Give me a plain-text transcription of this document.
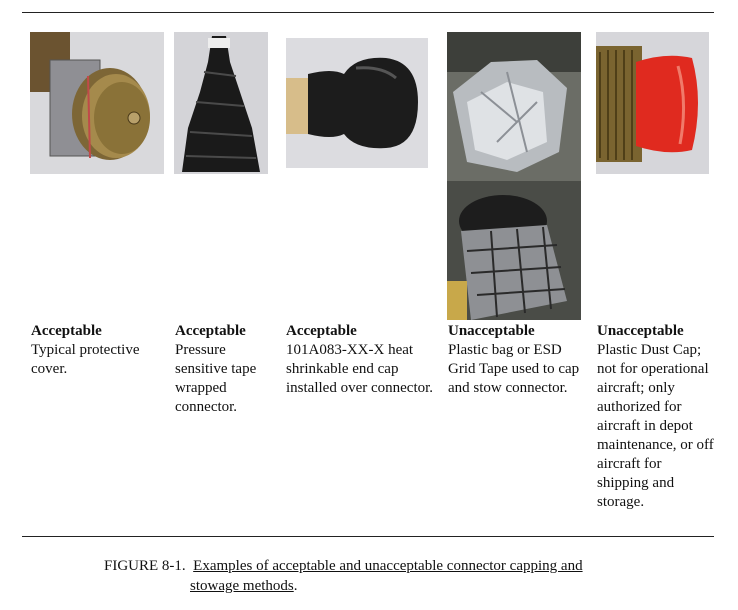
Acceptable
Typical protective cover.
Acceptable
Pressure sensitive tape wrapped connector.
Acceptable
101A083-XX-X heat shrinkable end cap installed over connector.
Unacceptable
Plastic bag or ESD Grid Tape used to cap and stow connector.
Unacceptable
Plastic Dust Cap; not for operational aircraft; only authorized for aircraft in depot maintenance, or off aircraft for shipping and storage.
FIGURE 8-1. Examples of acceptable and unacceptable connector capping and
stowage methods.
